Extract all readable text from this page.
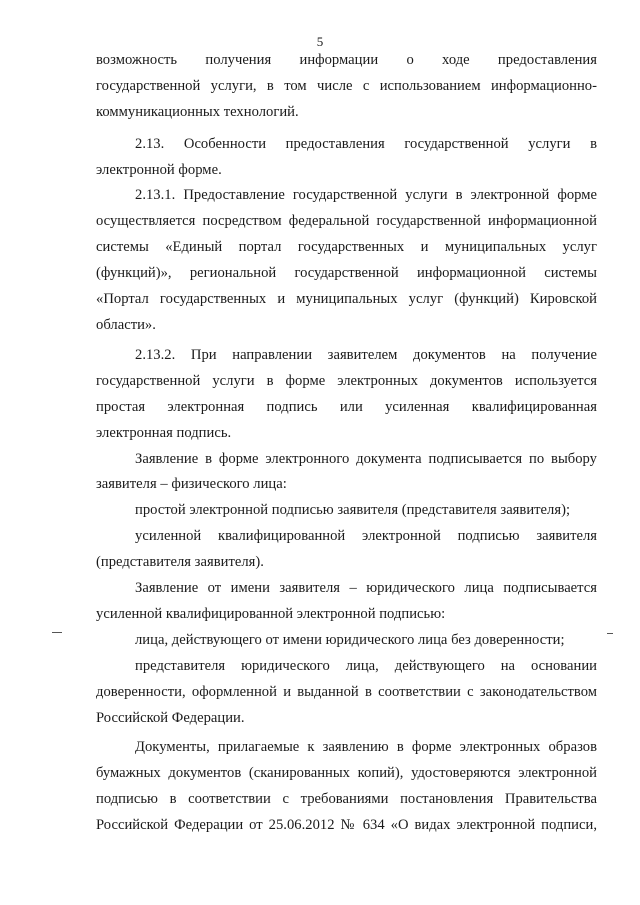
5
возможность получения информации о ходе предоставления
государственной услуги, в том числе с использованием информационно-
коммуникационных технологий.
2.13. Особенности предоставления государственной услуги в
электронной форме.
2.13.1. Предоставление государственной услуги в электронной форме
осуществляется посредством федеральной государственной информационной
системы «Единый портал государственных и муниципальных услуг
(функций)», региональной государственной информационной системы
«Портал государственных и муниципальных услуг (функций) Кировской
области».
2.13.2. При направлении заявителем документов на получение
государственной услуги в форме электронных документов используется
простая электронная подпись или усиленная квалифицированная
электронная подпись.
Заявление в форме электронного документа подписывается по выбору
заявителя – физического лица:
простой электронной подписью заявителя (представителя заявителя);
усиленной квалифицированной электронной подписью заявителя
(представителя заявителя).
Заявление от имени заявителя – юридического лица подписывается
усиленной квалифицированной электронной подписью:
лица, действующего от имени юридического лица без доверенности;
представителя юридического лица, действующего на основании
доверенности, оформленной и выданной в соответствии с законодательством
Российской Федерации.
Документы, прилагаемые к заявлению в форме электронных образов
бумажных документов (сканированных копий), удостоверяются электронной
подписью в соответствии с требованиями постановления Правительства
Российской Федерации от 25.06.2012 № 634 «О видах электронной подписи,
